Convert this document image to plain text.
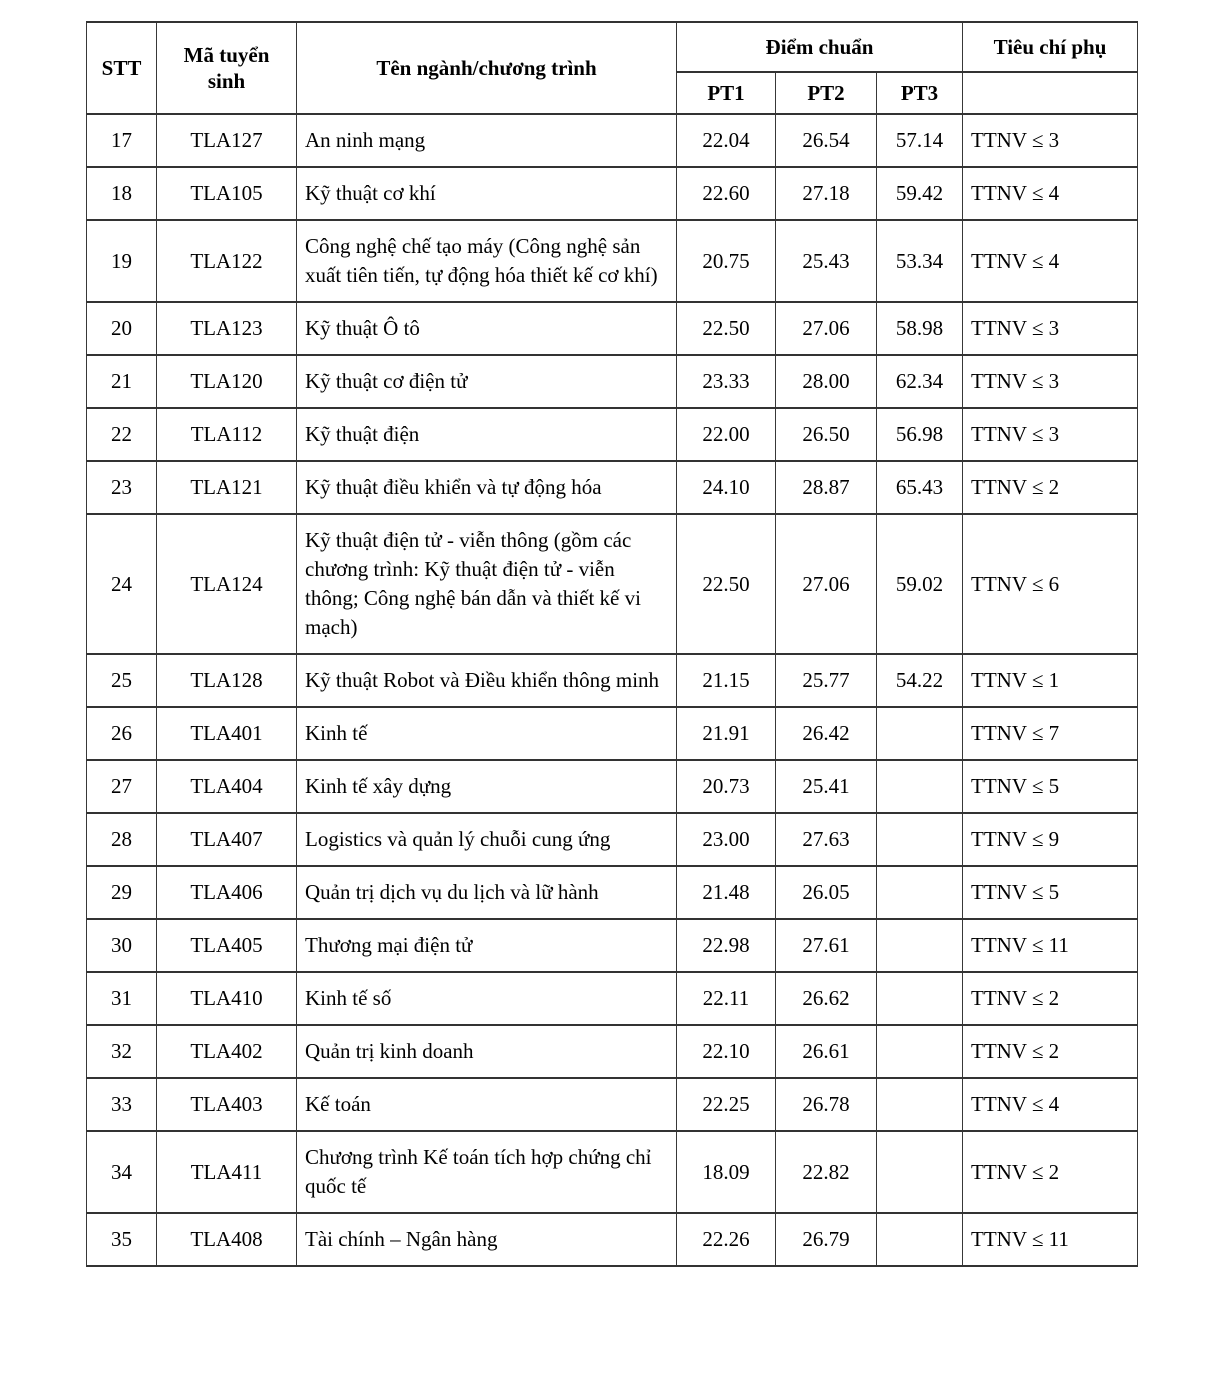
STT	Mã tuyển sinh	Tên ngành/chương trình	Điểm chuẩn			Tiêu chí phụ
			PT1	PT2	PT3	
17	TLA127	An ninh mạng	22.04	26.54	57.14	TTNV ≤ 3
18	TLA105	Kỹ thuật cơ khí	22.60	27.18	59.42	TTNV ≤ 4
19	TLA122	Công nghệ chế tạo máy (Công nghệ sản xuất tiên tiến, tự động hóa thiết kế cơ khí)	20.75	25.43	53.34	TTNV ≤ 4
20	TLA123	Kỹ thuật Ô tô	22.50	27.06	58.98	TTNV ≤ 3
21	TLA120	Kỹ thuật cơ điện tử	23.33	28.00	62.34	TTNV ≤ 3
22	TLA112	Kỹ thuật điện	22.00	26.50	56.98	TTNV ≤ 3
23	TLA121	Kỹ thuật điều khiển và tự động hóa	24.10	28.87	65.43	TTNV ≤ 2
24	TLA124	Kỹ thuật điện tử - viễn thông (gồm các chương trình: Kỹ thuật điện tử - viễn thông; Công nghệ bán dẫn và thiết kế vi mạch)	22.50	27.06	59.02	TTNV ≤ 6
25	TLA128	Kỹ thuật Robot và Điều khiển thông minh	21.15	25.77	54.22	TTNV ≤ 1
26	TLA401	Kinh tế	21.91	26.42		TTNV ≤ 7
27	TLA404	Kinh tế xây dựng	20.73	25.41		TTNV ≤ 5
28	TLA407	Logistics và quản lý chuỗi cung ứng	23.00	27.63		TTNV ≤ 9
29	TLA406	Quản trị dịch vụ du lịch và lữ hành	21.48	26.05		TTNV ≤ 5
30	TLA405	Thương mại điện tử	22.98	27.61		TTNV ≤ 11
31	TLA410	Kinh tế số	22.11	26.62		TTNV ≤ 2
32	TLA402	Quản trị kinh doanh	22.10	26.61		TTNV ≤ 2
33	TLA403	Kế toán	22.25	26.78		TTNV ≤ 4
34	TLA411	Chương trình Kế toán tích hợp chứng chỉ quốc tế	18.09	22.82		TTNV ≤ 2
35	TLA408	Tài chính – Ngân hàng	22.26	26.79		TTNV ≤ 11
